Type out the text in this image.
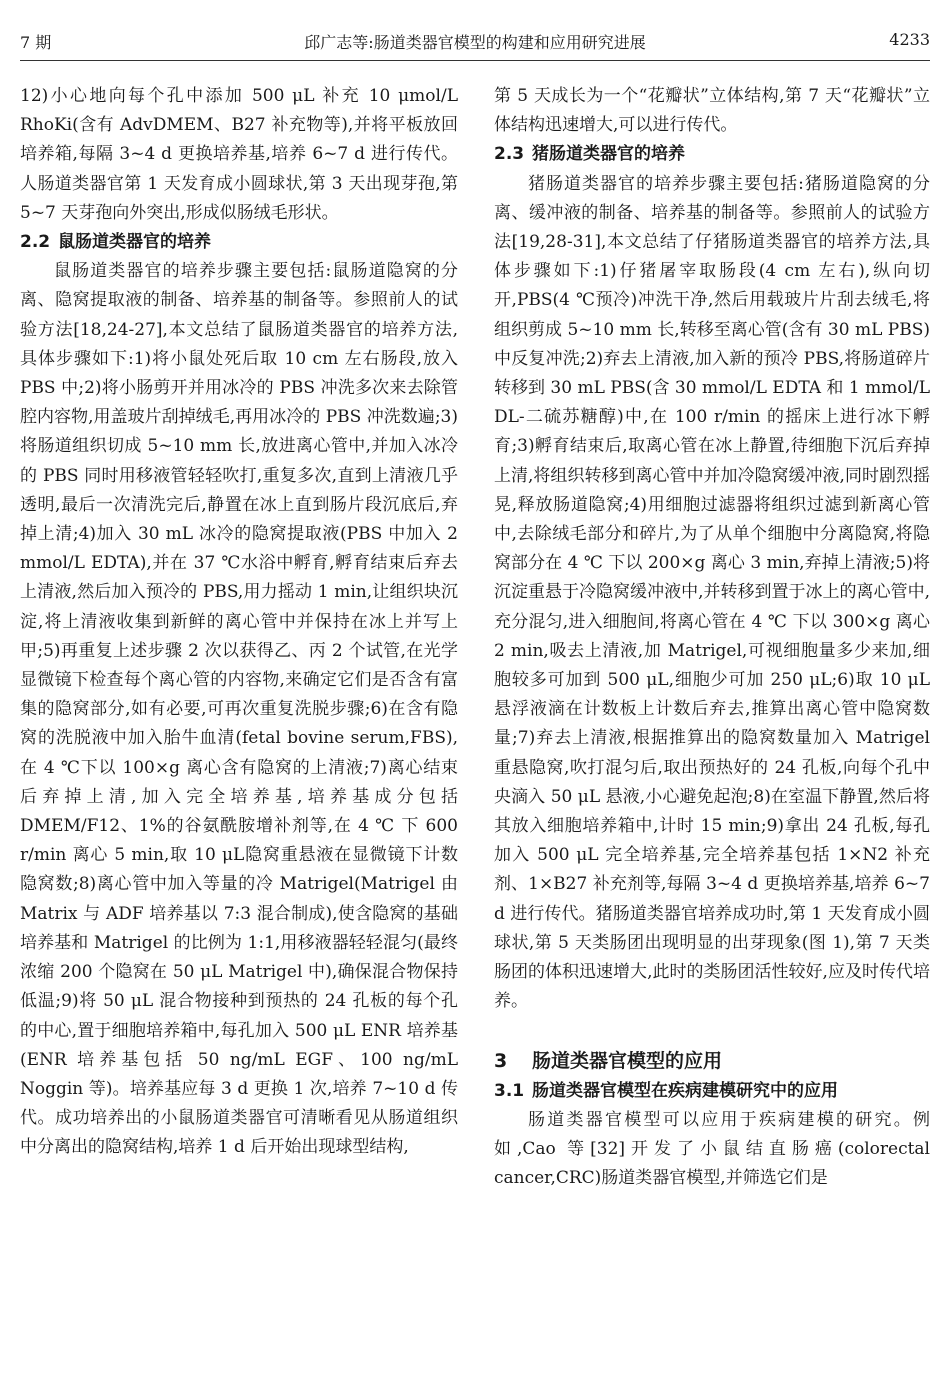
7 期	邱广志等:肠道类器官模型的构建和应用研究进展	4233

12)小心地向每个孔中添加 500 μL 补充 10 μmol/L RhoKi(含有 AdvDMEM、B27 补充物等),并将平板放回培养箱,每隔 3~4 d 更换培养基,培养 6~7 d 进行传代。人肠道类器官第 1 天发育成小圆球状,第 3 天出现芽孢,第 5~7 天芽孢向外突出,形成似肠绒毛形状。

2.2 鼠肠道类器官的培养

鼠肠道类器官的培养步骤主要包括:鼠肠道隐窝的分离、隐窝提取液的制备、培养基的制备等。参照前人的试验方法[18,24-27],本文总结了鼠肠道类器官的培养方法,具体步骤如下:1)将小鼠处死后取 10 cm 左右肠段,放入 PBS 中;2)将小肠剪开并用冰冷的 PBS 冲洗多次来去除管腔内容物,用盖玻片刮掉绒毛,再用冰冷的 PBS 冲洗数遍;3)将肠道组织切成 5~10 mm 长,放进离心管中,并加入冰冷的 PBS 同时用移液管轻轻吹打,重复多次,直到上清液几乎透明,最后一次清洗完后,静置在冰上直到肠片段沉底后,弃掉上清;4)加入 30 mL 冰冷的隐窝提取液(PBS 中加入 2 mmol/L EDTA),并在 37 ℃水浴中孵育,孵育结束后弃去上清液,然后加入预冷的 PBS,用力摇动 1 min,让组织块沉淀,将上清液收集到新鲜的离心管中并保持在冰上并写上甲;5)再重复上述步骤 2 次以获得乙、丙 2 个试管,在光学显微镜下检查每个离心管的内容物,来确定它们是否含有富集的隐窝部分,如有必要,可再次重复洗脱步骤;6)在含有隐窝的洗脱液中加入胎牛血清(fetal bovine serum,FBS),在 4 ℃下以 100×g 离心含有隐窝的上清液;7)离心结束后弃掉上清,加入完全培养基,培养基成分包括 DMEM/F12、1%的谷氨酰胺增补剂等,在 4 ℃ 下 600 r/min 离心 5 min,取 10 μL隐窝重悬液在显微镜下计数隐窝数;8)离心管中加入等量的冷 Matrigel(Matrigel 由 Matrix 与 ADF 培养基以 7:3 混合制成),使含隐窝的基础培养基和 Matrigel 的比例为 1:1,用移液器轻轻混匀(最终浓缩 200 个隐窝在 50 μL Matrigel 中),确保混合物保持低温;9)将 50 μL 混合物接种到预热的 24 孔板的每个孔的中心,置于细胞培养箱中,每孔加入 500 μL ENR 培养基(ENR 培养基包括 50 ng/mL EGF、100 ng/mL Noggin 等)。培养基应每 3 d 更换 1 次,培养 7~10 d 传代。成功培养出的小鼠肠道类器官可清晰看见从肠道组织中分离出的隐窝结构,培养 1 d 后开始出现球型结构,

第 5 天成长为一个“花瓣状”立体结构,第 7 天“花瓣状”立体结构迅速增大,可以进行传代。

2.3 猪肠道类器官的培养

猪肠道类器官的培养步骤主要包括:猪肠道隐窝的分离、缓冲液的制备、培养基的制备等。参照前人的试验方法[19,28-31],本文总结了仔猪肠道类器官的培养方法,具体步骤如下:1)仔猪屠宰取肠段(4 cm 左右),纵向切开,PBS(4 ℃预冷)冲洗干净,然后用载玻片片刮去绒毛,将组织剪成 5~10 mm 长,转移至离心管(含有 30 mL PBS)中反复冲洗;2)弃去上清液,加入新的预冷 PBS,将肠道碎片转移到 30 mL PBS(含 30 mmol/L EDTA 和 1 mmol/L DL-二硫苏糖醇)中,在 100 r/min 的摇床上进行冰下孵育;3)孵育结束后,取离心管在冰上静置,待细胞下沉后弃掉上清,将组织转移到离心管中并加冷隐窝缓冲液,同时剧烈摇晃,释放肠道隐窝;4)用细胞过滤器将组织过滤到新离心管中,去除绒毛部分和碎片,为了从单个细胞中分离隐窝,将隐窝部分在 4 ℃ 下以 200×g 离心 3 min,弃掉上清液;5)将沉淀重悬于冷隐窝缓冲液中,并转移到置于冰上的离心管中,充分混匀,进入细胞间,将离心管在 4 ℃ 下以 300×g 离心 2 min,吸去上清液,加 Matrigel,可视细胞量多少来加,细胞较多可加到 500 μL,细胞少可加 250 μL;6)取 10 μL 悬浮液滴在计数板上计数后弃去,推算出离心管中隐窝数量;7)弃去上清液,根据推算出的隐窝数量加入 Matrigel 重悬隐窝,吹打混匀后,取出预热好的 24 孔板,向每个孔中央滴入 50 μL 悬液,小心避免起泡;8)在室温下静置,然后将其放入细胞培养箱中,计时 15 min;9)拿出 24 孔板,每孔加入 500 μL 完全培养基,完全培养基包括 1×N2 补充剂、1×B27 补充剂等,每隔 3~4 d 更换培养基,培养 6~7 d 进行传代。猪肠道类器官培养成功时,第 1 天发育成小圆球状,第 5 天类肠团出现明显的出芽现象(图 1),第 7 天类肠团的体积迅速增大,此时的类肠团活性较好,应及时传代培养。

3 肠道类器官模型的应用
3.1 肠道类器官模型在疾病建模研究中的应用

肠道类器官模型可以应用于疾病建模的研究。例如,Cao 等[32]开发了小鼠结直肠癌(colorectal cancer,CRC)肠道类器官模型,并筛选它们是
